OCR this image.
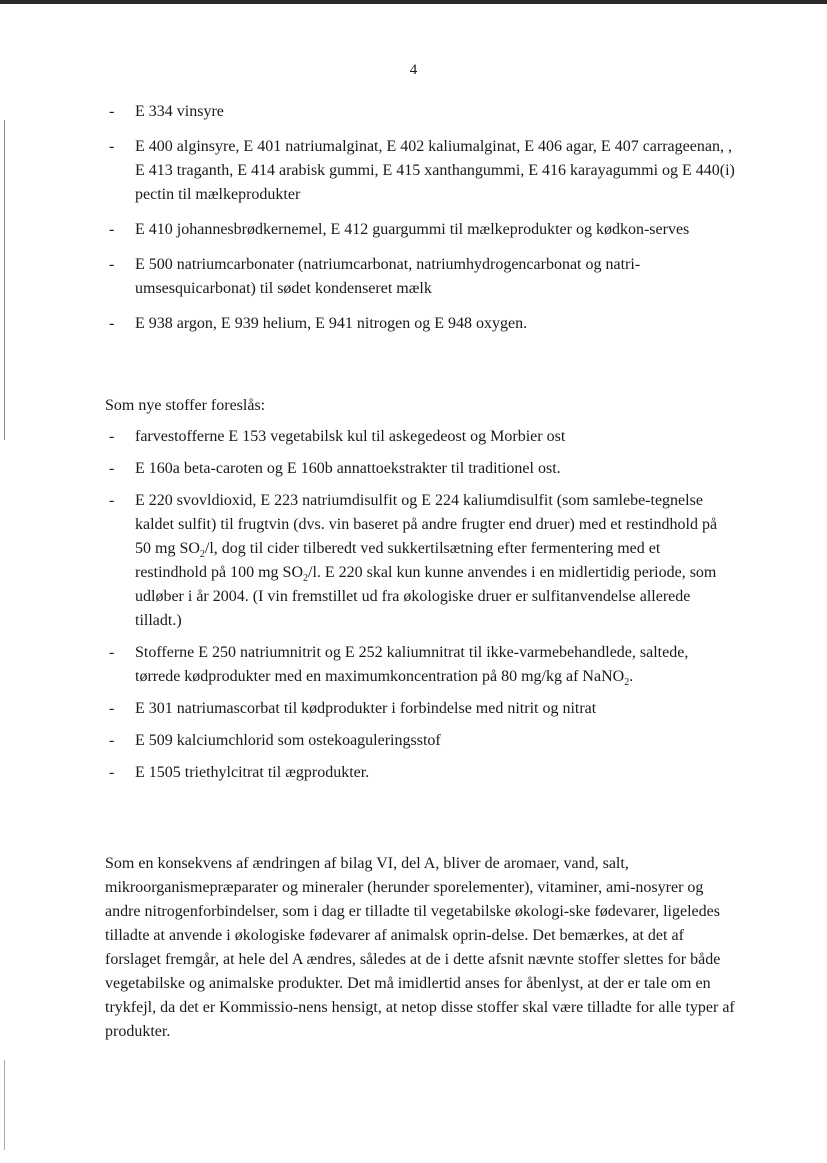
4
- E 334 vinsyre
- E 400 alginsyre, E 401 natriumalginat, E 402 kaliumalginat, E 406 agar, E 407 carrageenan, , E 413 traganth, E 414 arabisk gummi, E 415 xanthangummi, E 416 karayagummi og E 440(i) pectin til mælkeprodukter
- E 410 johannesbrødkernemel, E 412 guargummi til mælkeprodukter og kødkon-serves
- E 500 natriumcarbonater (natriumcarbonat, natriumhydrogencarbonat og natri-umsesquicarbonat) til sødet kondenseret mælk
- E 938 argon, E 939 helium, E 941 nitrogen og E 948 oxygen.
Som nye stoffer foreslås:
- farvestofferne E 153 vegetabilsk kul til askegedeost og Morbier ost
- E 160a beta-caroten og E 160b annattoekstrakter til traditionel ost.
- E 220 svovldioxid, E 223 natriumdisulfit og E 224 kaliumdisulfit (som samlebe-tegnelse kaldet sulfit) til frugtvin (dvs. vin baseret på andre frugter end druer) med et restindhold på 50 mg $SO_2/l$, dog til cider tilberedt ved sukkertilsætning efter fermentering med et restindhold på 100 mg $SO_2/l$. E 220 skal kun kunne anvendes i en midlertidig periode, som udløber i år 2004. (I vin fremstillet ud fra økologiske druer er sulfitanvendelse allerede tilladt.)
- Stofferne E 250 natriumnitrit og E 252 kaliumnitrat til ikke-varmebehandlede, saltede, tørrede kødprodukter med en maximumkoncentration på 80 mg/kg af NaNO$_2$.
- E 301 natriumascorbat til kødprodukter i forbindelse med nitrit og nitrat
- E 509 kalciumchlorid som ostekoaguleringsstof
- E 1505 triethylcitrat til ægprodukter.
Som en konsekvens af ændringen af bilag VI, del A, bliver de aromaer, vand, salt, mikroorganismepræparater og mineraler (herunder sporelementer), vitaminer, ami-nosyrer og andre nitrogenforbindelser, som i dag er tilladte til vegetabilske økologi-ske fødevarer, ligeledes tilladte at anvende i økologiske fødevarer af animalsk oprin-delse. Det bemærkes, at det af forslaget fremgår, at hele del A ændres, således at de i dette afsnit nævnte stoffer slettes for både vegetabilske og animalske produkter. Det må imidlertid anses for åbenlyst, at der er tale om en trykfejl, da det er Kommissio-nens hensigt, at netop disse stoffer skal være tilladte for alle typer af produkter.
